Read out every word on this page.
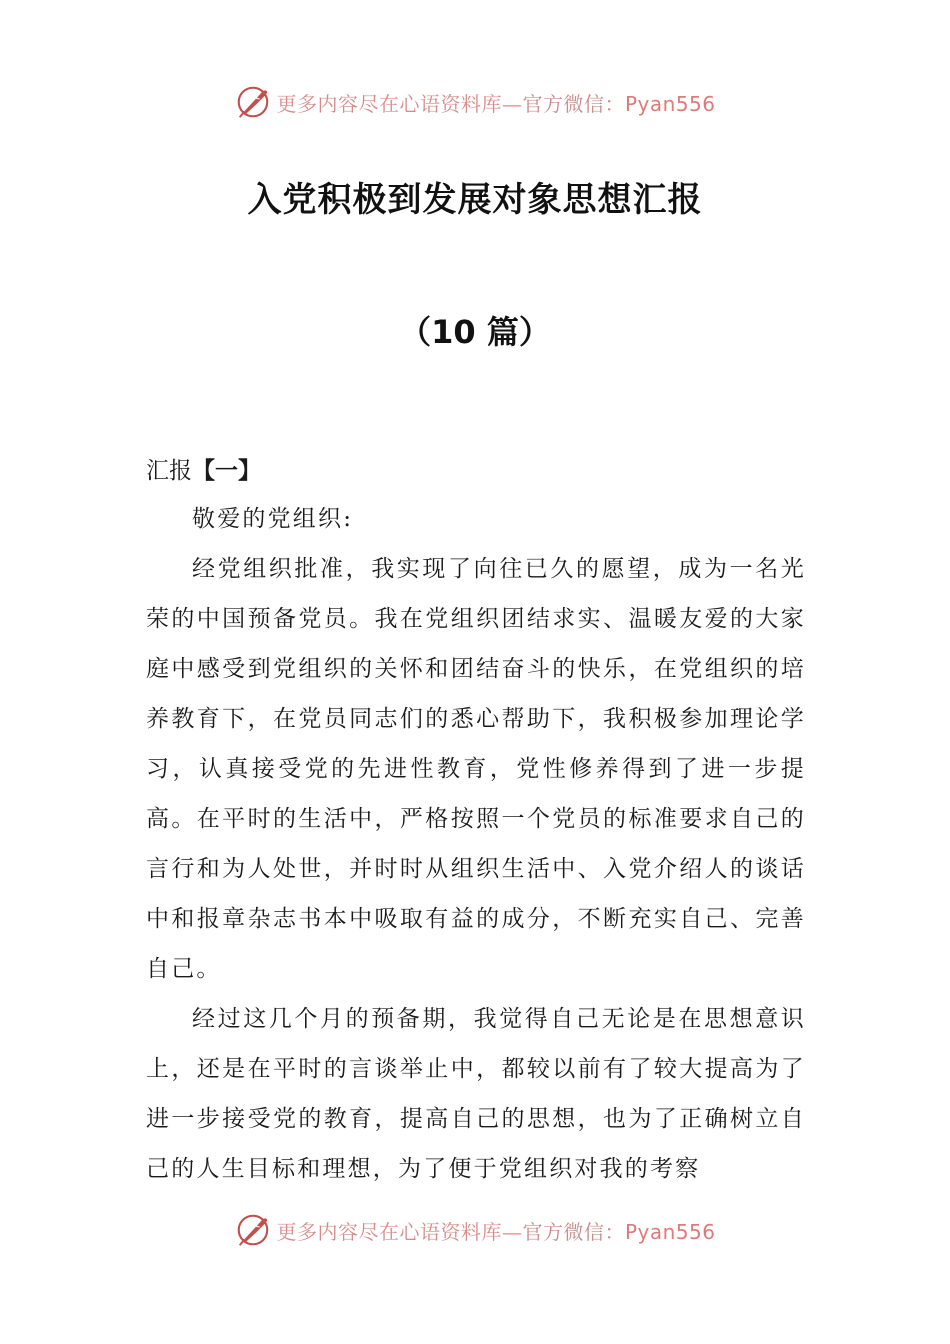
更多内容尽在心语资料库—官方微信：Pyan556
入党积极到发展对象思想汇报
（10 篇）
汇报【一】

敬爱的党组织:

经党组织批准，我实现了向往已久的愿望，成为一名光荣的中国预备党员。我在党组织团结求实、温暖友爱的大家庭中感受到党组织的关怀和团结奋斗的快乐，在党组织的培养教育下，在党员同志们的悉心帮助下，我积极参加理论学习，认真接受党的先进性教育，党性修养得到了进一步提高。在平时的生活中，严格按照一个党员的标准要求自己的言行和为人处世，并时时从组织生活中、入党介绍人的谈话中和报章杂志书本中吸取有益的成分，不断充实自己、完善自己。

经过这几个月的预备期，我觉得自己无论是在思想意识上，还是在平时的言谈举止中，都较以前有了较大提高为了进一步接受党的教育，提高自己的思想，也为了正确树立自己的人生目标和理想，为了便于党组织对我的考察

更多内容尽在心语资料库—官方微信：Pyan556
